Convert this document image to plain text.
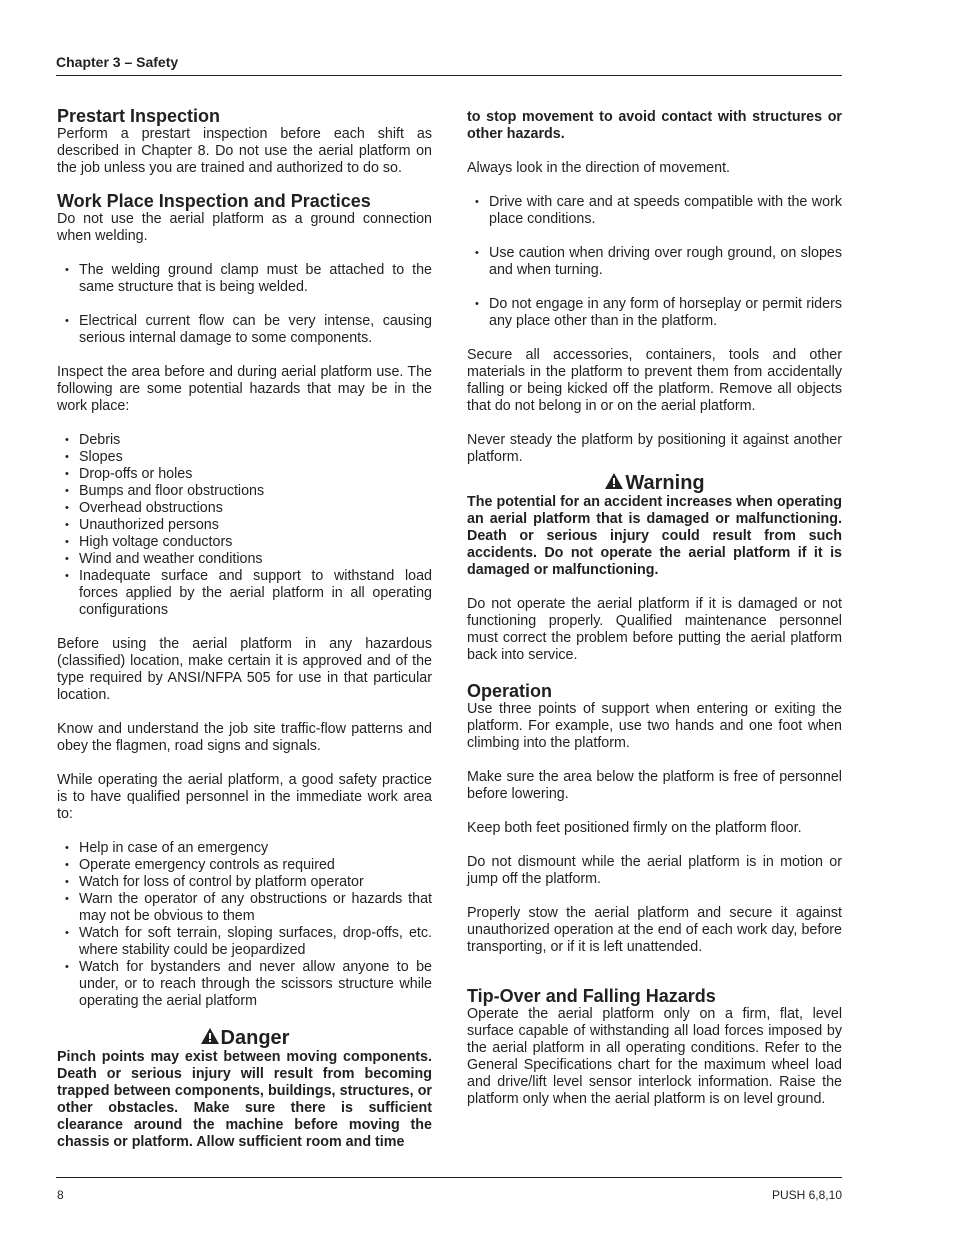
Chapter 3 – Safety
Prestart Inspection

Perform a prestart inspection before each shift as described in Chapter 8. Do not use the aerial platform on the job unless you are trained and authorized to do so.

Work Place Inspection and Practices

Do not use the aerial platform as a ground connection when welding.

• The welding ground clamp must be attached to the same structure that is being welded.
• Electrical current flow can be very intense, causing serious internal damage to some components.

Inspect the area before and during aerial platform use. The following are some potential hazards that may be in the work place:

• Debris
• Slopes
• Drop-offs or holes
• Bumps and floor obstructions
• Overhead obstructions
• Unauthorized persons
• High voltage conductors
• Wind and weather conditions
• Inadequate surface and support to withstand load forces applied by the aerial platform in all operating configurations

Before using the aerial platform in any hazardous (classified) location, make certain it is approved and of the type required by ANSI/NFPA 505 for use in that particular location.

Know and understand the job site traffic-flow patterns and obey the flagmen, road signs and signals.

While operating the aerial platform, a good safety practice is to have qualified personnel in the immediate work area to:

• Help in case of an emergency
• Operate emergency controls as required
• Watch for loss of control by platform operator
• Warn the operator of any obstructions or hazards that may not be obvious to them
• Watch for soft terrain, sloping surfaces, drop-offs, etc. where stability could be jeopardized
• Watch for bystanders and never allow anyone to be under, or to reach through the scissors structure while operating the aerial platform
Danger

Pinch points may exist between moving components. Death or serious injury will result from becoming trapped between components, buildings, structures, or other obstacles. Make sure there is sufficient clearance around the machine before moving the chassis or platform. Allow sufficient room and time

to stop movement to avoid contact with structures or other hazards.

Always look in the direction of movement.

• Drive with care and at speeds compatible with the work place conditions.
• Use caution when driving over rough ground, on slopes and when turning.
• Do not engage in any form of horseplay or permit riders any place other than in the platform.

Secure all accessories, containers, tools and other materials in the platform to prevent them from accidentally falling or being kicked off the platform. Remove all objects that do not belong in or on the aerial platform.

Never steady the platform by positioning it against another platform.

Warning

The potential for an accident increases when operating an aerial platform that is damaged or malfunctioning. Death or serious injury could result from such accidents. Do not operate the aerial platform if it is damaged or malfunctioning.

Do not operate the aerial platform if it is damaged or not functioning properly. Qualified maintenance personnel must correct the problem before putting the aerial platform back into service.

Operation

Use three points of support when entering or exiting the platform. For example, use two hands and one foot when climbing into the platform.

Make sure the area below the platform is free of personnel before lowering.

Keep both feet positioned firmly on the platform floor.

Do not dismount while the aerial platform is in motion or jump off the platform.

Properly stow the aerial platform and secure it against unauthorized operation at the end of each work day, before transporting, or if it is left unattended.

Tip-Over and Falling Hazards

Operate the aerial platform only on a firm, flat, level surface capable of withstanding all load forces imposed by the aerial platform in all operating conditions. Refer to the General Specifications chart for the maximum wheel load and drive/lift level sensor interlock information. Raise the platform only when the aerial platform is on level ground.

8	PUSH 6,8,10
